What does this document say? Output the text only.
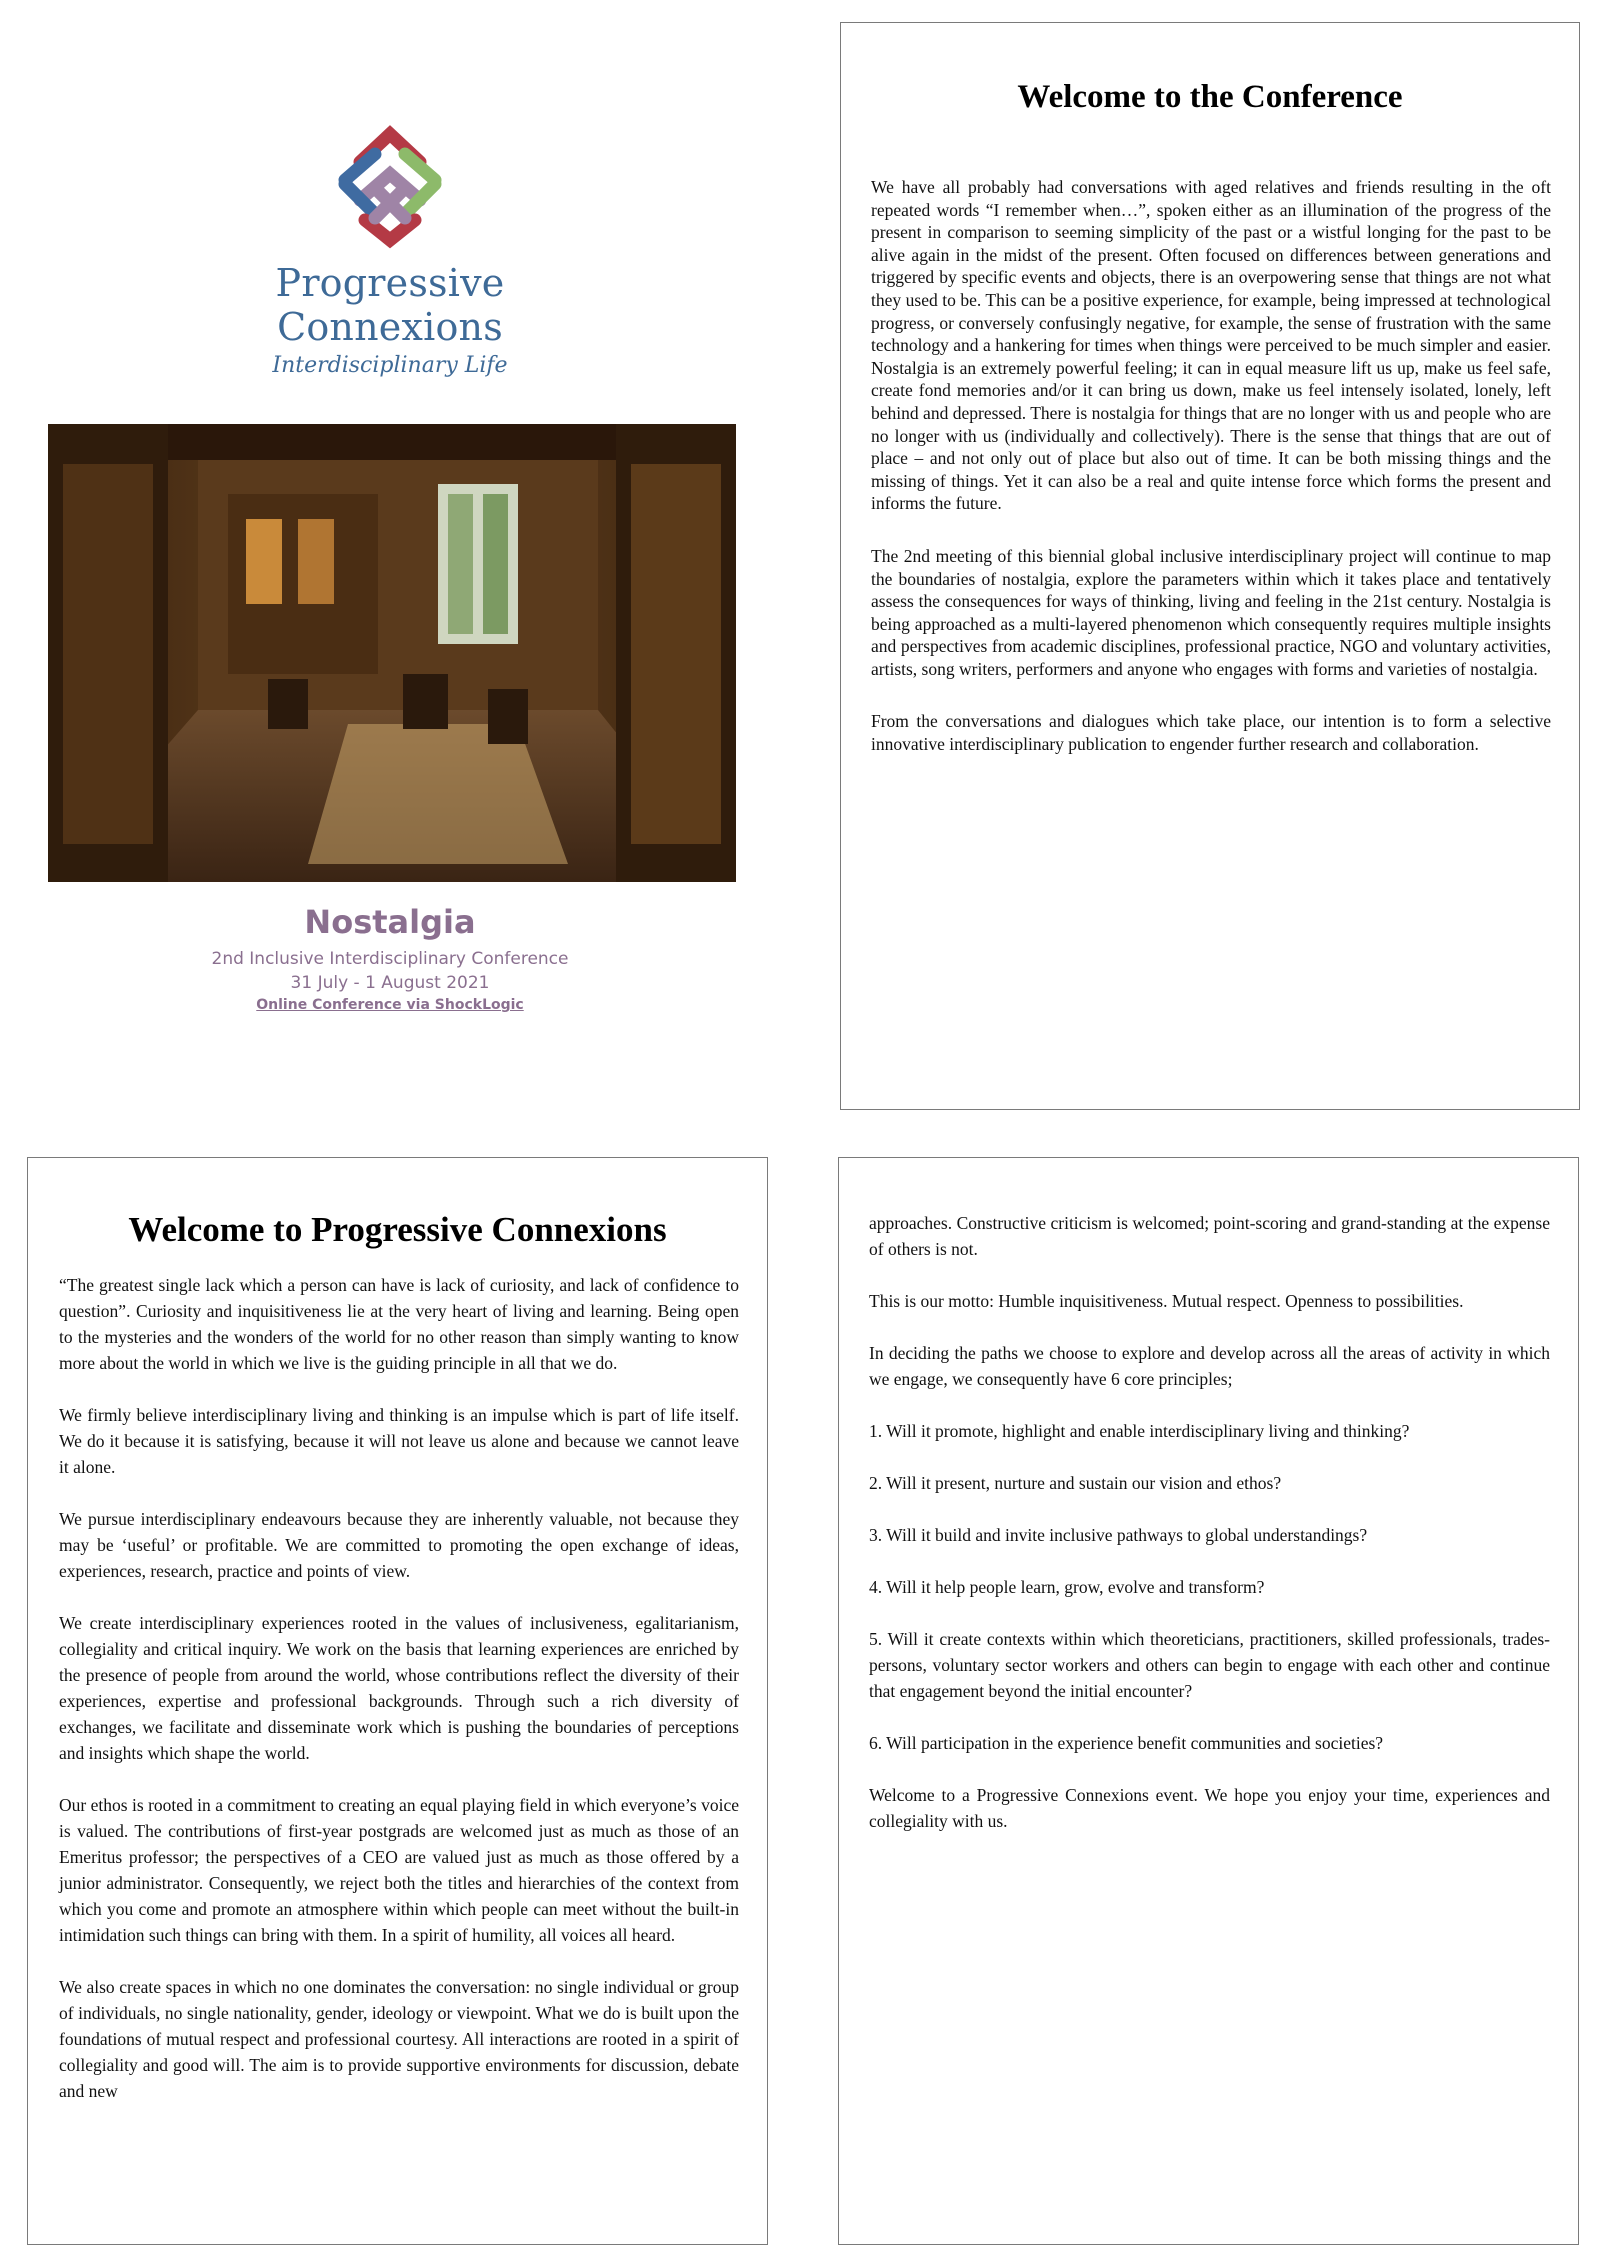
Progressive Connexions
Interdisciplinary Life
Nostalgia
2nd Inclusive Interdisciplinary Conference
31 July - 1 August 2021
Online Conference via ShockLogic
Welcome to the Conference

We have all probably had conversations with aged relatives and friends resulting in the oft repeated words “I remember when…”, spoken either as an illumination of the progress of the present in comparison to seeming simplicity of the past or a wistful longing for the past to be alive again in the midst of the present. Often focused on differences between generations and triggered by specific events and objects, there is an overpowering sense that things are not what they used to be. This can be a positive experience, for example, being impressed at technological progress, or conversely confusingly negative, for example, the sense of frustration with the same technology and a hankering for times when things were perceived to be much simpler and easier. Nostalgia is an extremely powerful feeling; it can in equal measure lift us up, make us feel safe, create fond memories and/or it can bring us down, make us feel intensely isolated, lonely, left behind and depressed. There is nostalgia for things that are no longer with us and people who are no longer with us (individually and collectively). There is the sense that things that are out of place – and not only out of place but also out of time. It can be both missing things and the missing of things. Yet it can also be a real and quite intense force which forms the present and informs the future.

The 2nd meeting of this biennial global inclusive interdisciplinary project will continue to map the boundaries of nostalgia, explore the parameters within which it takes place and tentatively assess the consequences for ways of thinking, living and feeling in the 21st century. Nostalgia is being approached as a multi-layered phenomenon which consequently requires multiple insights and perspectives from academic disciplines, professional practice, NGO and voluntary activities, artists, song writers, performers and anyone who engages with forms and varieties of nostalgia.

From the conversations and dialogues which take place, our intention is to form a selective innovative interdisciplinary publication to engender further research and collaboration.

Welcome to Progressive Connexions

“The greatest single lack which a person can have is lack of curiosity, and lack of confidence to question”. Curiosity and inquisitiveness lie at the very heart of living and learning. Being open to the mysteries and the wonders of the world for no other reason than simply wanting to know more about the world in which we live is the guiding principle in all that we do.

We firmly believe interdisciplinary living and thinking is an impulse which is part of life itself. We do it because it is satisfying, because it will not leave us alone and because we cannot leave it alone.

We pursue interdisciplinary endeavours because they are inherently valuable, not because they may be ‘useful’ or profitable. We are committed to promoting the open exchange of ideas, experiences, research, practice and points of view.

We create interdisciplinary experiences rooted in the values of inclusiveness, egalitarianism, collegiality and critical inquiry. We work on the basis that learning experiences are enriched by the presence of people from around the world, whose contributions reflect the diversity of their experiences, expertise and professional backgrounds. Through such a rich diversity of exchanges, we facilitate and disseminate work which is pushing the boundaries of perceptions and insights which shape the world.

Our ethos is rooted in a commitment to creating an equal playing field in which everyone’s voice is valued. The contributions of first-year postgrads are welcomed just as much as those of an Emeritus professor; the perspectives of a CEO are valued just as much as those offered by a junior administrator. Consequently, we reject both the titles and hierarchies of the context from which you come and promote an atmosphere within which people can meet without the built-in intimidation such things can bring with them. In a spirit of humility, all voices all heard.

We also create spaces in which no one dominates the conversation: no single individual or group of individuals, no single nationality, gender, ideology or viewpoint. What we do is built upon the foundations of mutual respect and professional courtesy. All interactions are rooted in a spirit of collegiality and good will. The aim is to provide supportive environments for discussion, debate and new

approaches. Constructive criticism is welcomed; point-scoring and grand-standing at the expense of others is not.

This is our motto: Humble inquisitiveness. Mutual respect. Openness to possibilities.

In deciding the paths we choose to explore and develop across all the areas of activity in which we engage, we consequently have 6 core principles;

1. Will it promote, highlight and enable interdisciplinary living and thinking?

2. Will it present, nurture and sustain our vision and ethos?

3. Will it build and invite inclusive pathways to global understandings?

4. Will it help people learn, grow, evolve and transform?

5. Will it create contexts within which theoreticians, practitioners, skilled professionals, trades-persons, voluntary sector workers and others can begin to engage with each other and continue that engagement beyond the initial encounter?

6. Will participation in the experience benefit communities and societies?

Welcome to a Progressive Connexions event. We hope you enjoy your time, experiences and collegiality with us.
